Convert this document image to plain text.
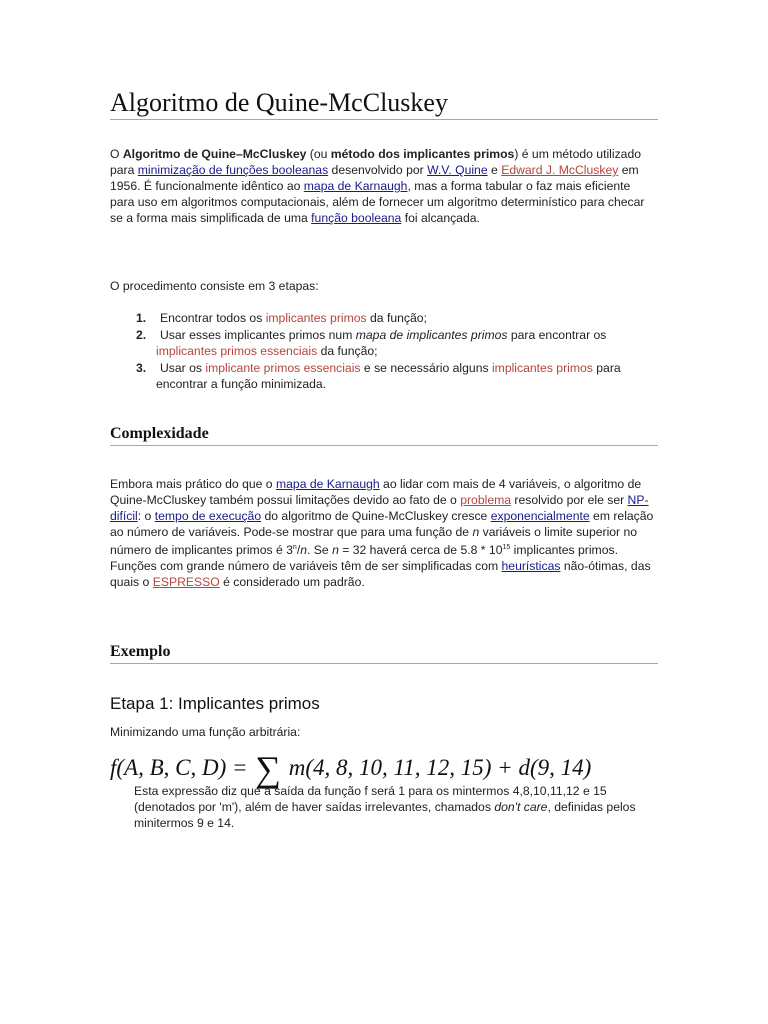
Algoritmo de Quine-McCluskey

O Algoritmo de Quine–McCluskey (ou método dos implicantes primos) é um método utilizado para minimização de funções booleanas desenvolvido por W.V. Quine e Edward J. McCluskey em 1956. É funcionalmente idêntico ao mapa de Karnaugh, mas a forma tabular o faz mais eficiente para uso em algoritmos computacionais, além de fornecer um algoritmo determinístico para checar se a forma mais simplificada de uma função booleana foi alcançada.

O procedimento consiste em 3 etapas:

1. Encontrar todos os implicantes primos da função;
2. Usar esses implicantes primos num mapa de implicantes primos para encontrar os implicantes primos essenciais da função;
3. Usar os implicante primos essenciais e se necessário alguns implicantes primos para encontrar a função minimizada.
Complexidade

Embora mais prático do que o mapa de Karnaugh ao lidar com mais de 4 variáveis, o algoritmo de Quine-McCluskey também possui limitações devido ao fato de o problema resolvido por ele ser NP-difícil: o tempo de execução do algoritmo de Quine-McCluskey cresce exponencialmente em relação ao número de variáveis. Pode-se mostrar que para uma função de n variáveis o limite superior no número de implicantes primos é 3$^n$/n. Se n = 32 haverá cerca de $5.8 * 10^{15}$ implicantes primos. Funções com grande número de variáveis têm de ser simplificadas com heurísticas não-ótimas, das quais o ESPRESSO é considerado um padrão.

Exemplo
Etapa 1: Implicantes primos

Minimizando uma função arbitrária:

f(A, B, C, D) = ∑ m(4, 8, 10, 11, 12, 15) + d(9, 14)

Esta expressão diz que a saída da função f será 1 para os mintermos 4,8,10,11,12 e 15 (denotados por 'm'), além de haver saídas irrelevantes, chamados don't care, definidas pelos minitermos 9 e 14.
